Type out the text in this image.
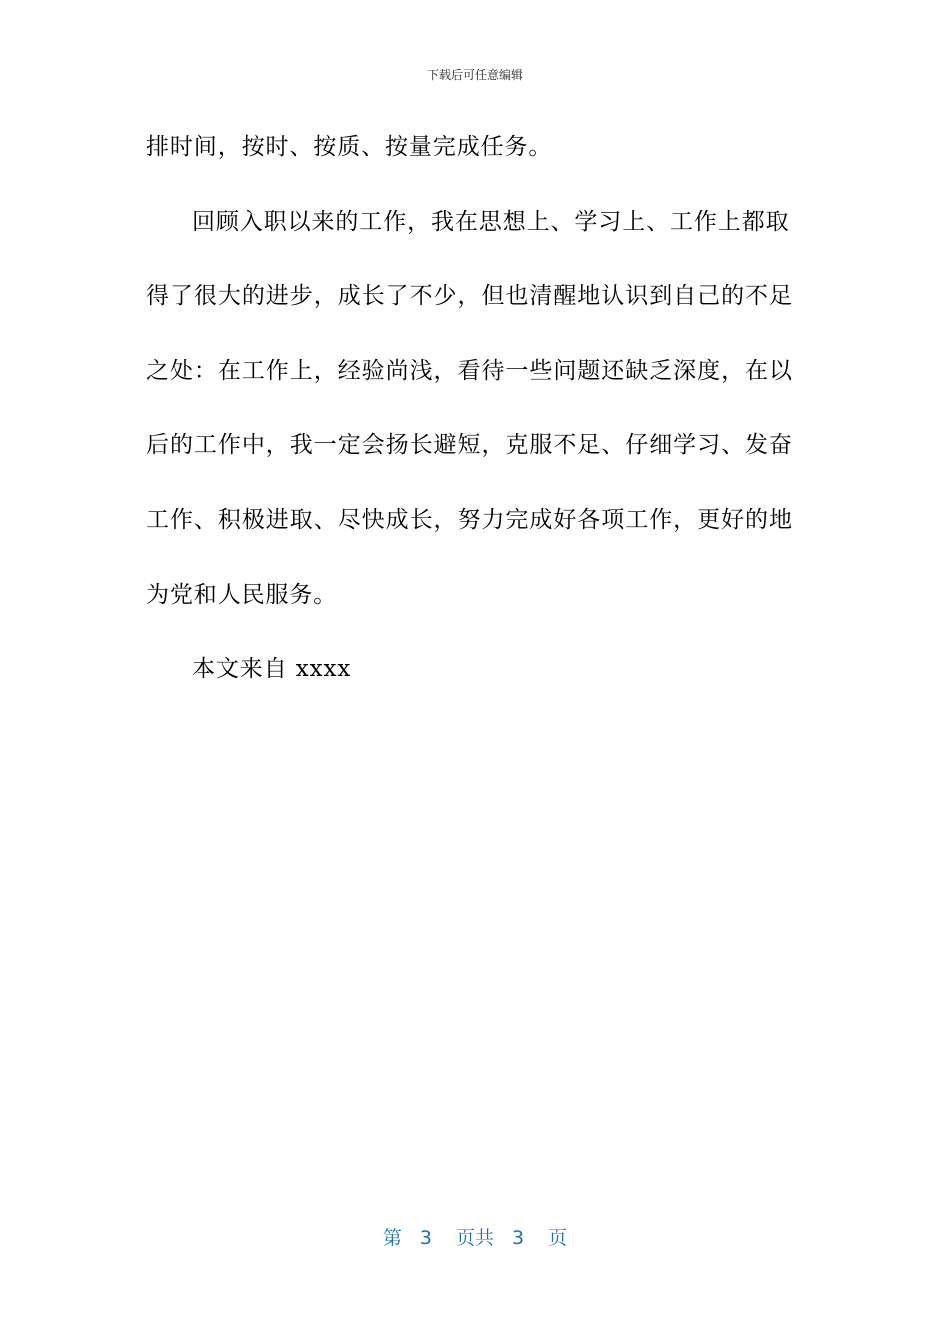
下载后可任意编辑
排时间，按时、按质、按量完成任务。
回顾入职以来的工作，我在思想上、学习上、工作上都取
得了很大的进步，成长了不少，但也清醒地认识到自己的不足
之处：在工作上，经验尚浅，看待一些问题还缺乏深度，在以
后的工作中，我一定会扬长避短，克服不足、仔细学习、发奋
工作、积极进取、尽快成长，努力完成好各项工作，更好的地
为党和人民服务。
本文来自 xxxx
第 3 页共 3 页
